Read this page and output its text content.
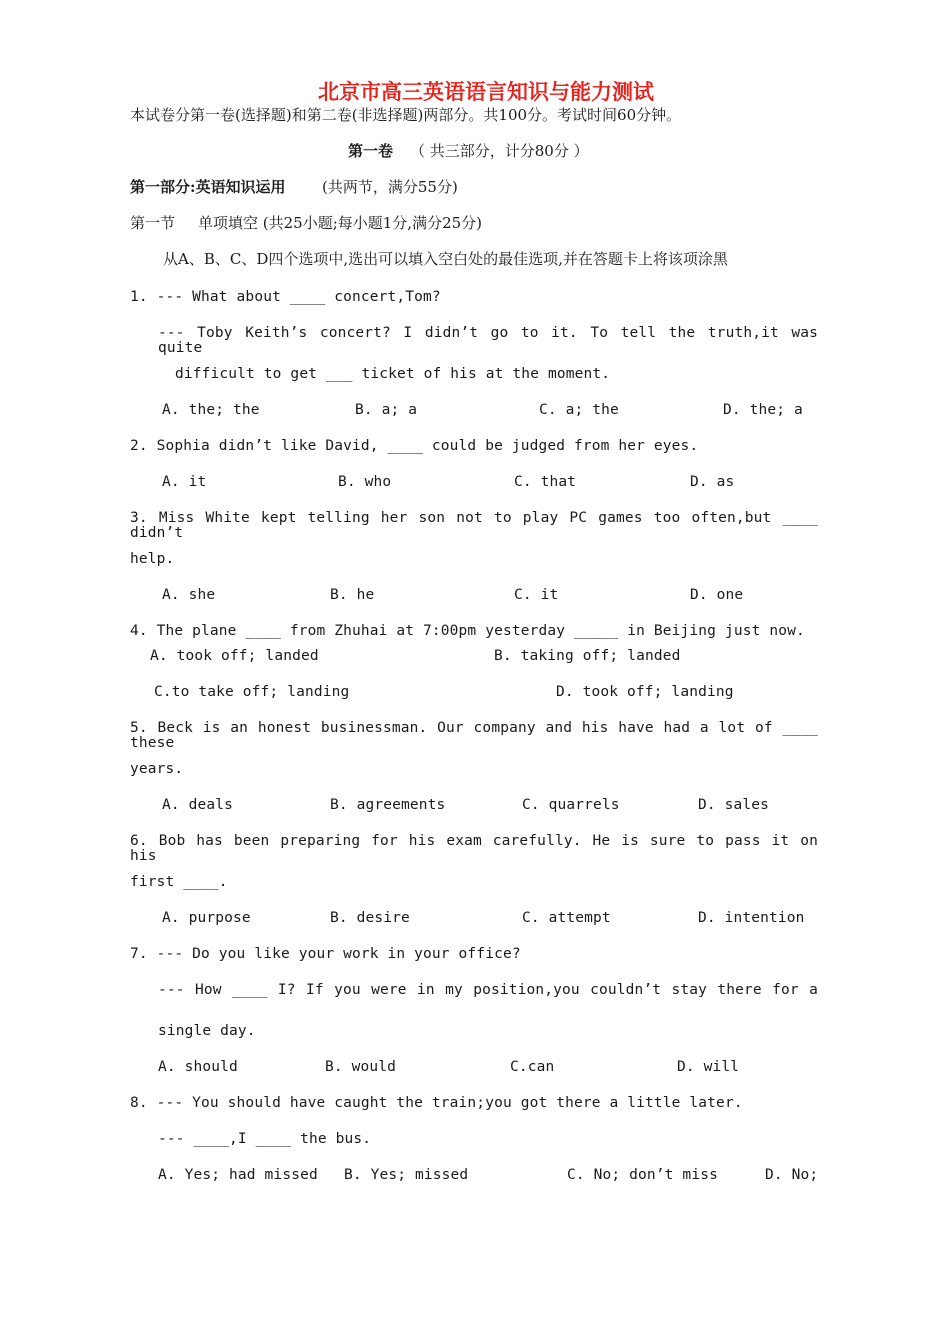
北京市高三英语语言知识与能力测试
本试卷分第一卷(选择题)和第二卷(非选择题)两部分。共100分。考试时间60分钟。
第一卷 （ 共三部分，计分80分 ）
第一部分:英语知识运用 (共两节，满分55分)
第一节 单项填空 (共25小题;每小题1分,满分25分)
从A、B、C、D四个选项中,选出可以填入空白处的最佳选项,并在答题卡上将该项涂黑
1. --- What about ____ concert,Tom?
--- Toby Keith’s concert? I didn’t go to it. To tell the truth,it was quite
difficult to get ___ ticket of his at the moment.
A. the; the	B. a; a	C. a; the	D. the; a
2. Sophia didn’t like David, ____ could be judged from her eyes.
A. it	B. who	C. that	D. as
3. Miss White kept telling her son not to play PC games too often,but ____ didn’t
help.
A. she	B. he	C. it	D. one
4. The plane ____ from Zhuhai at 7:00pm yesterday _____ in Beijing just now.
A. took off; landed	B. taking off; landed
C.to take off; landing	D. took off; landing
5. Beck is an honest businessman. Our company and his have had a lot of ____ these
years.
A. deals	B. agreements	C. quarrels	D. sales
6. Bob has been preparing for his exam carefully. He is sure to pass it on his
first ____.
A. purpose	B. desire	C. attempt	D. intention
7. --- Do you like your work in your office?
--- How ____ I? If you were in my position,you couldn’t stay there for a
single day.
A. should	B. would	C.can	D. will
8. --- You should have caught the train;you got there a little later.
--- ____,I ____ the bus.
A. Yes; had missed B. Yes; missed	C. No; don’t miss	D. No;
